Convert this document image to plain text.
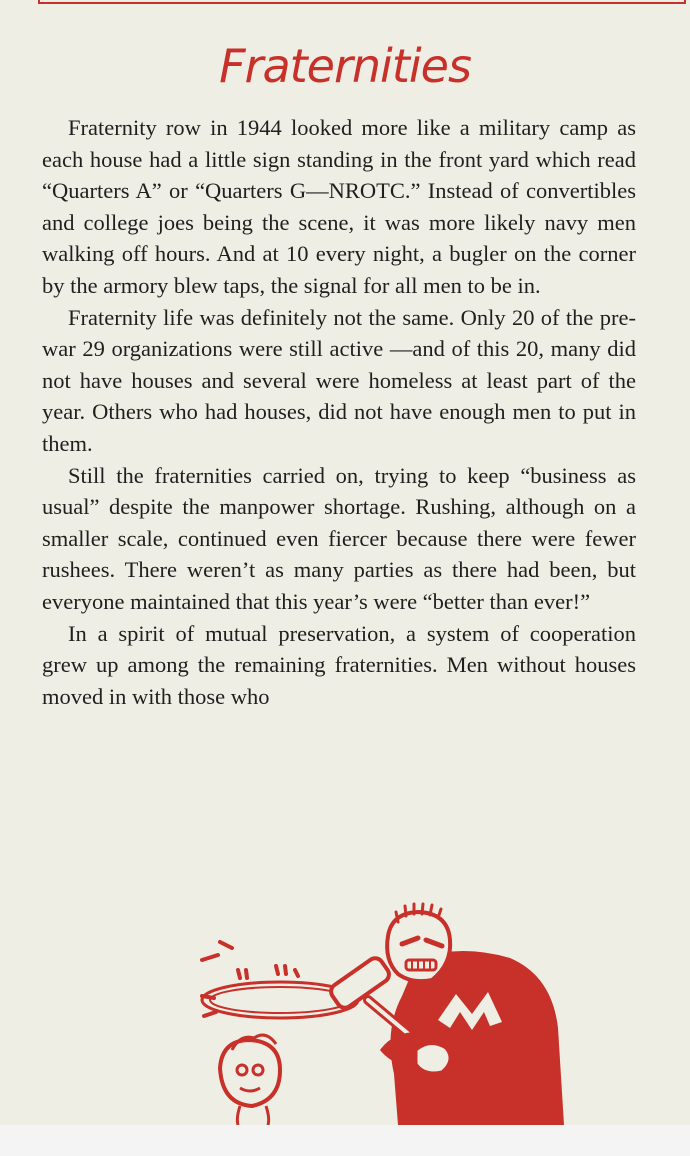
Fraternities

Fraternity row in 1944 looked more like a military camp as each house had a little sign standing in the front yard which read “Quarters A” or “Quarters G—NROTC.” Instead of convertibles and college joes being the scene, it was more likely navy men walking off hours. And at 10 every night, a bugler on the corner by the armory blew taps, the signal for all men to be in.

Fraternity life was definitely not the same. Only 20 of the pre-war 29 organizations were still active —and of this 20, many did not have houses and several were homeless at least part of the year. Others who had houses, did not have enough men to put in them.

Still the fraternities carried on, trying to keep “business as usual” despite the manpower shortage. Rushing, although on a smaller scale, continued even fiercer because there were fewer rushees. There weren’t as many parties as there had been, but everyone maintained that this year’s were “better than ever!”

In a spirit of mutual preservation, a system of cooperation grew up among the remaining fraternities. Men without houses moved in with those who
